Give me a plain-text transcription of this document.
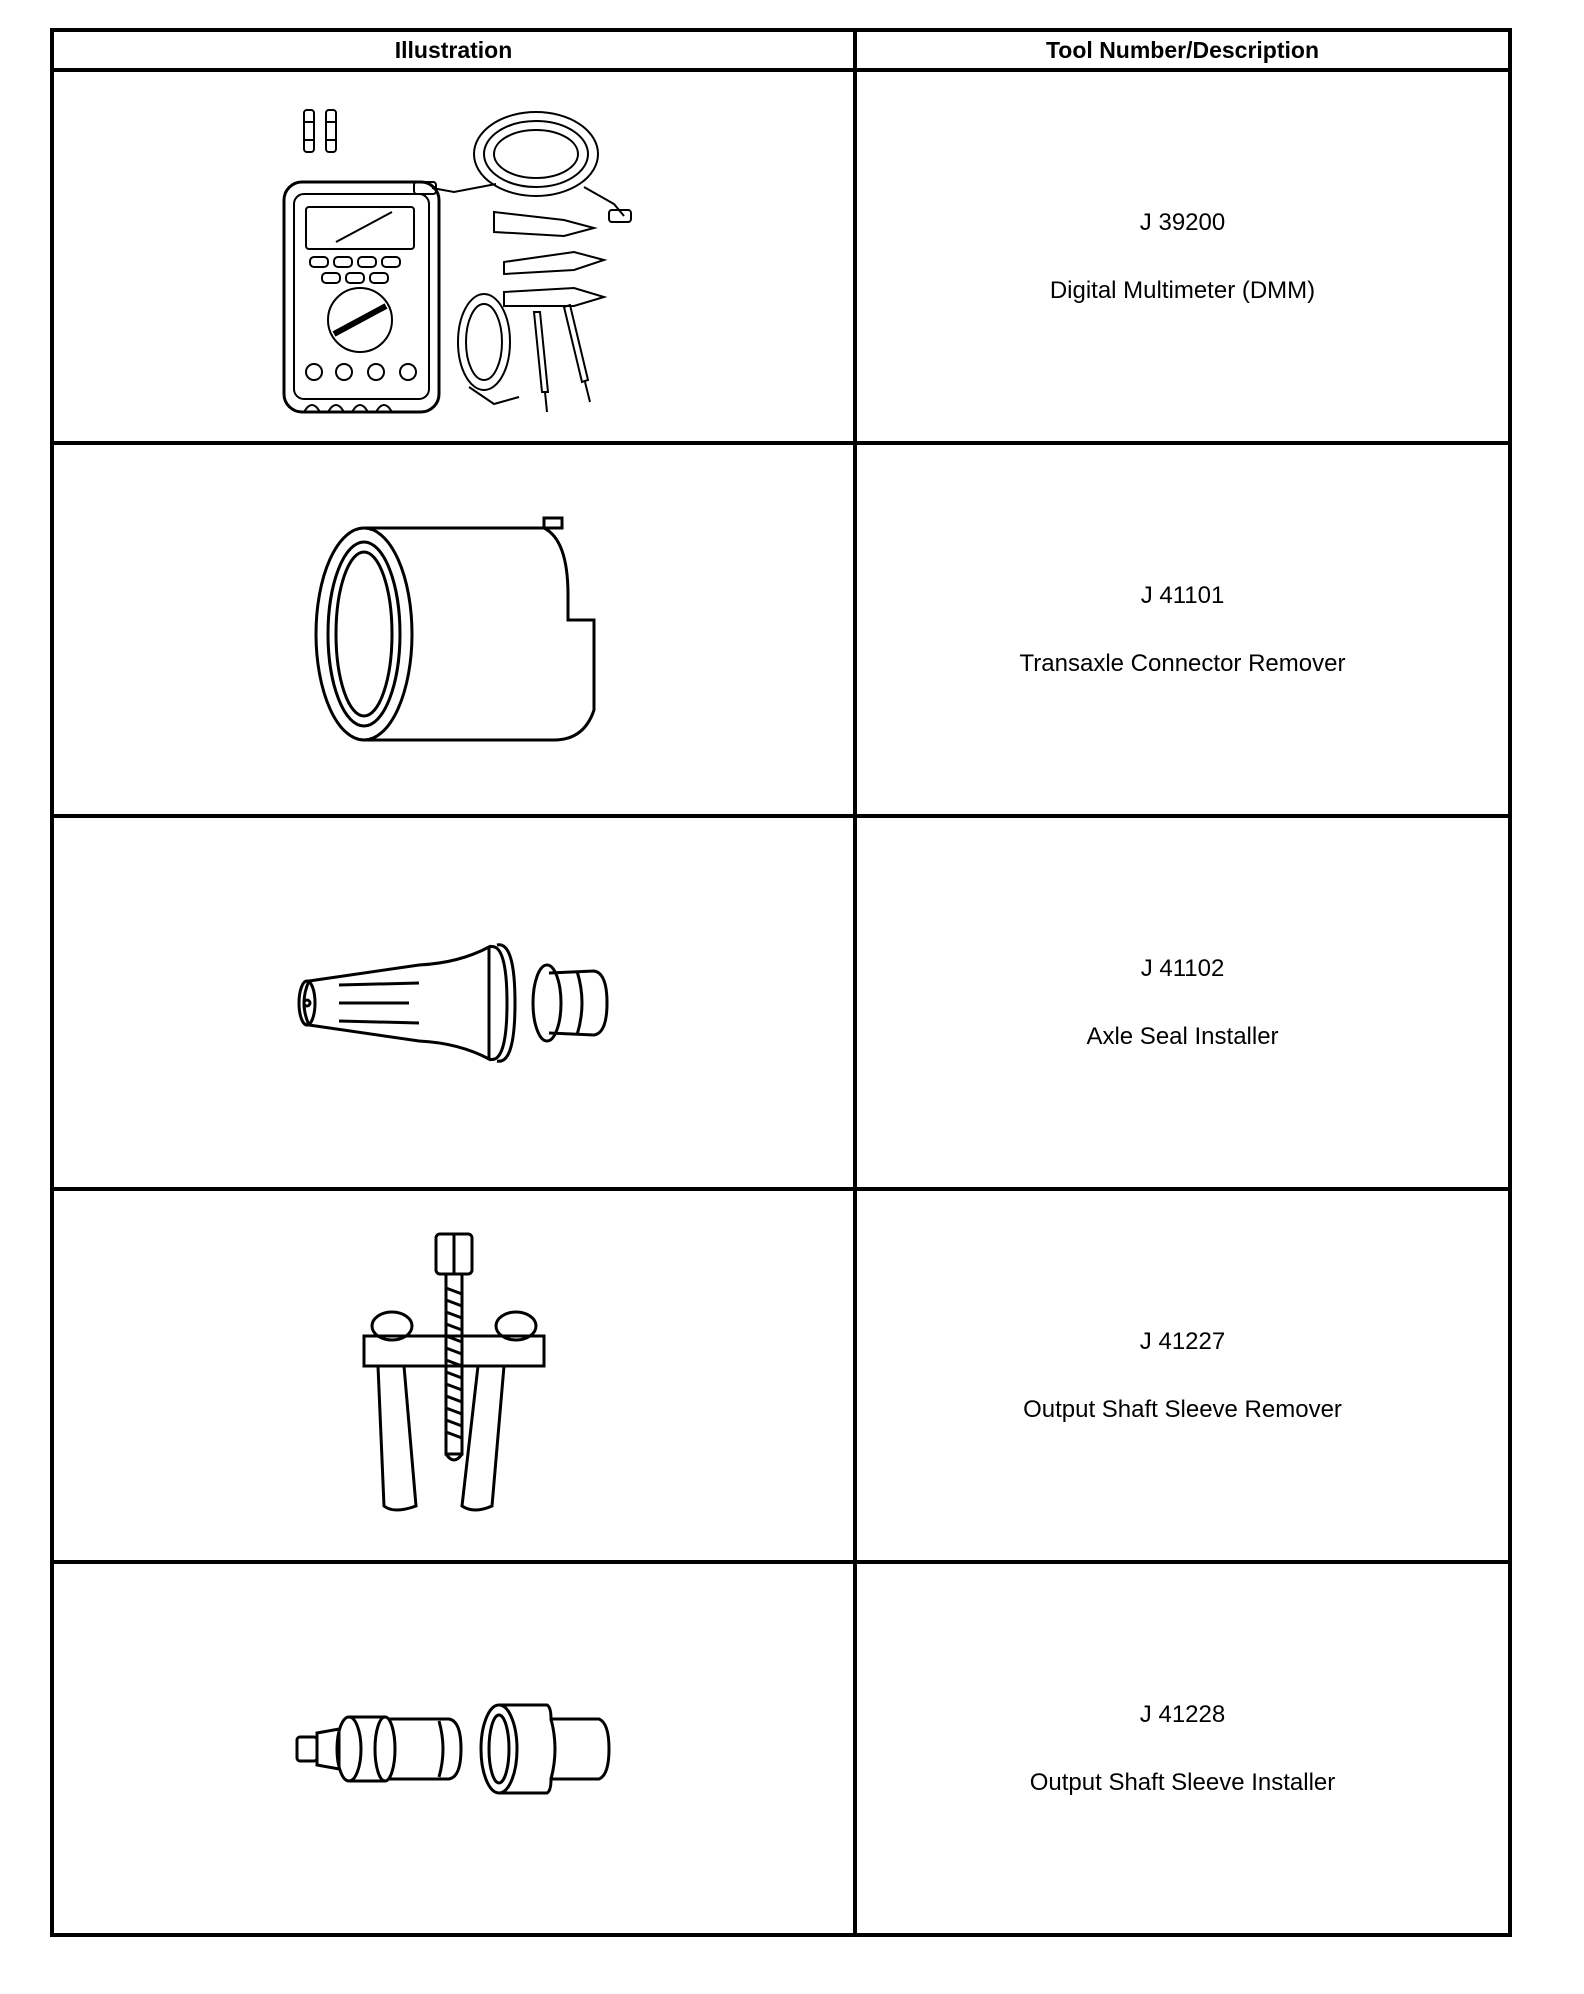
Illustration	Tool Number/Description

J 39200
Digital Multimeter (DMM)

J 41101
Transaxle Connector Remover

J 41102
Axle Seal Installer

J 41227
Output Shaft Sleeve Remover

J 41228
Output Shaft Sleeve Installer
